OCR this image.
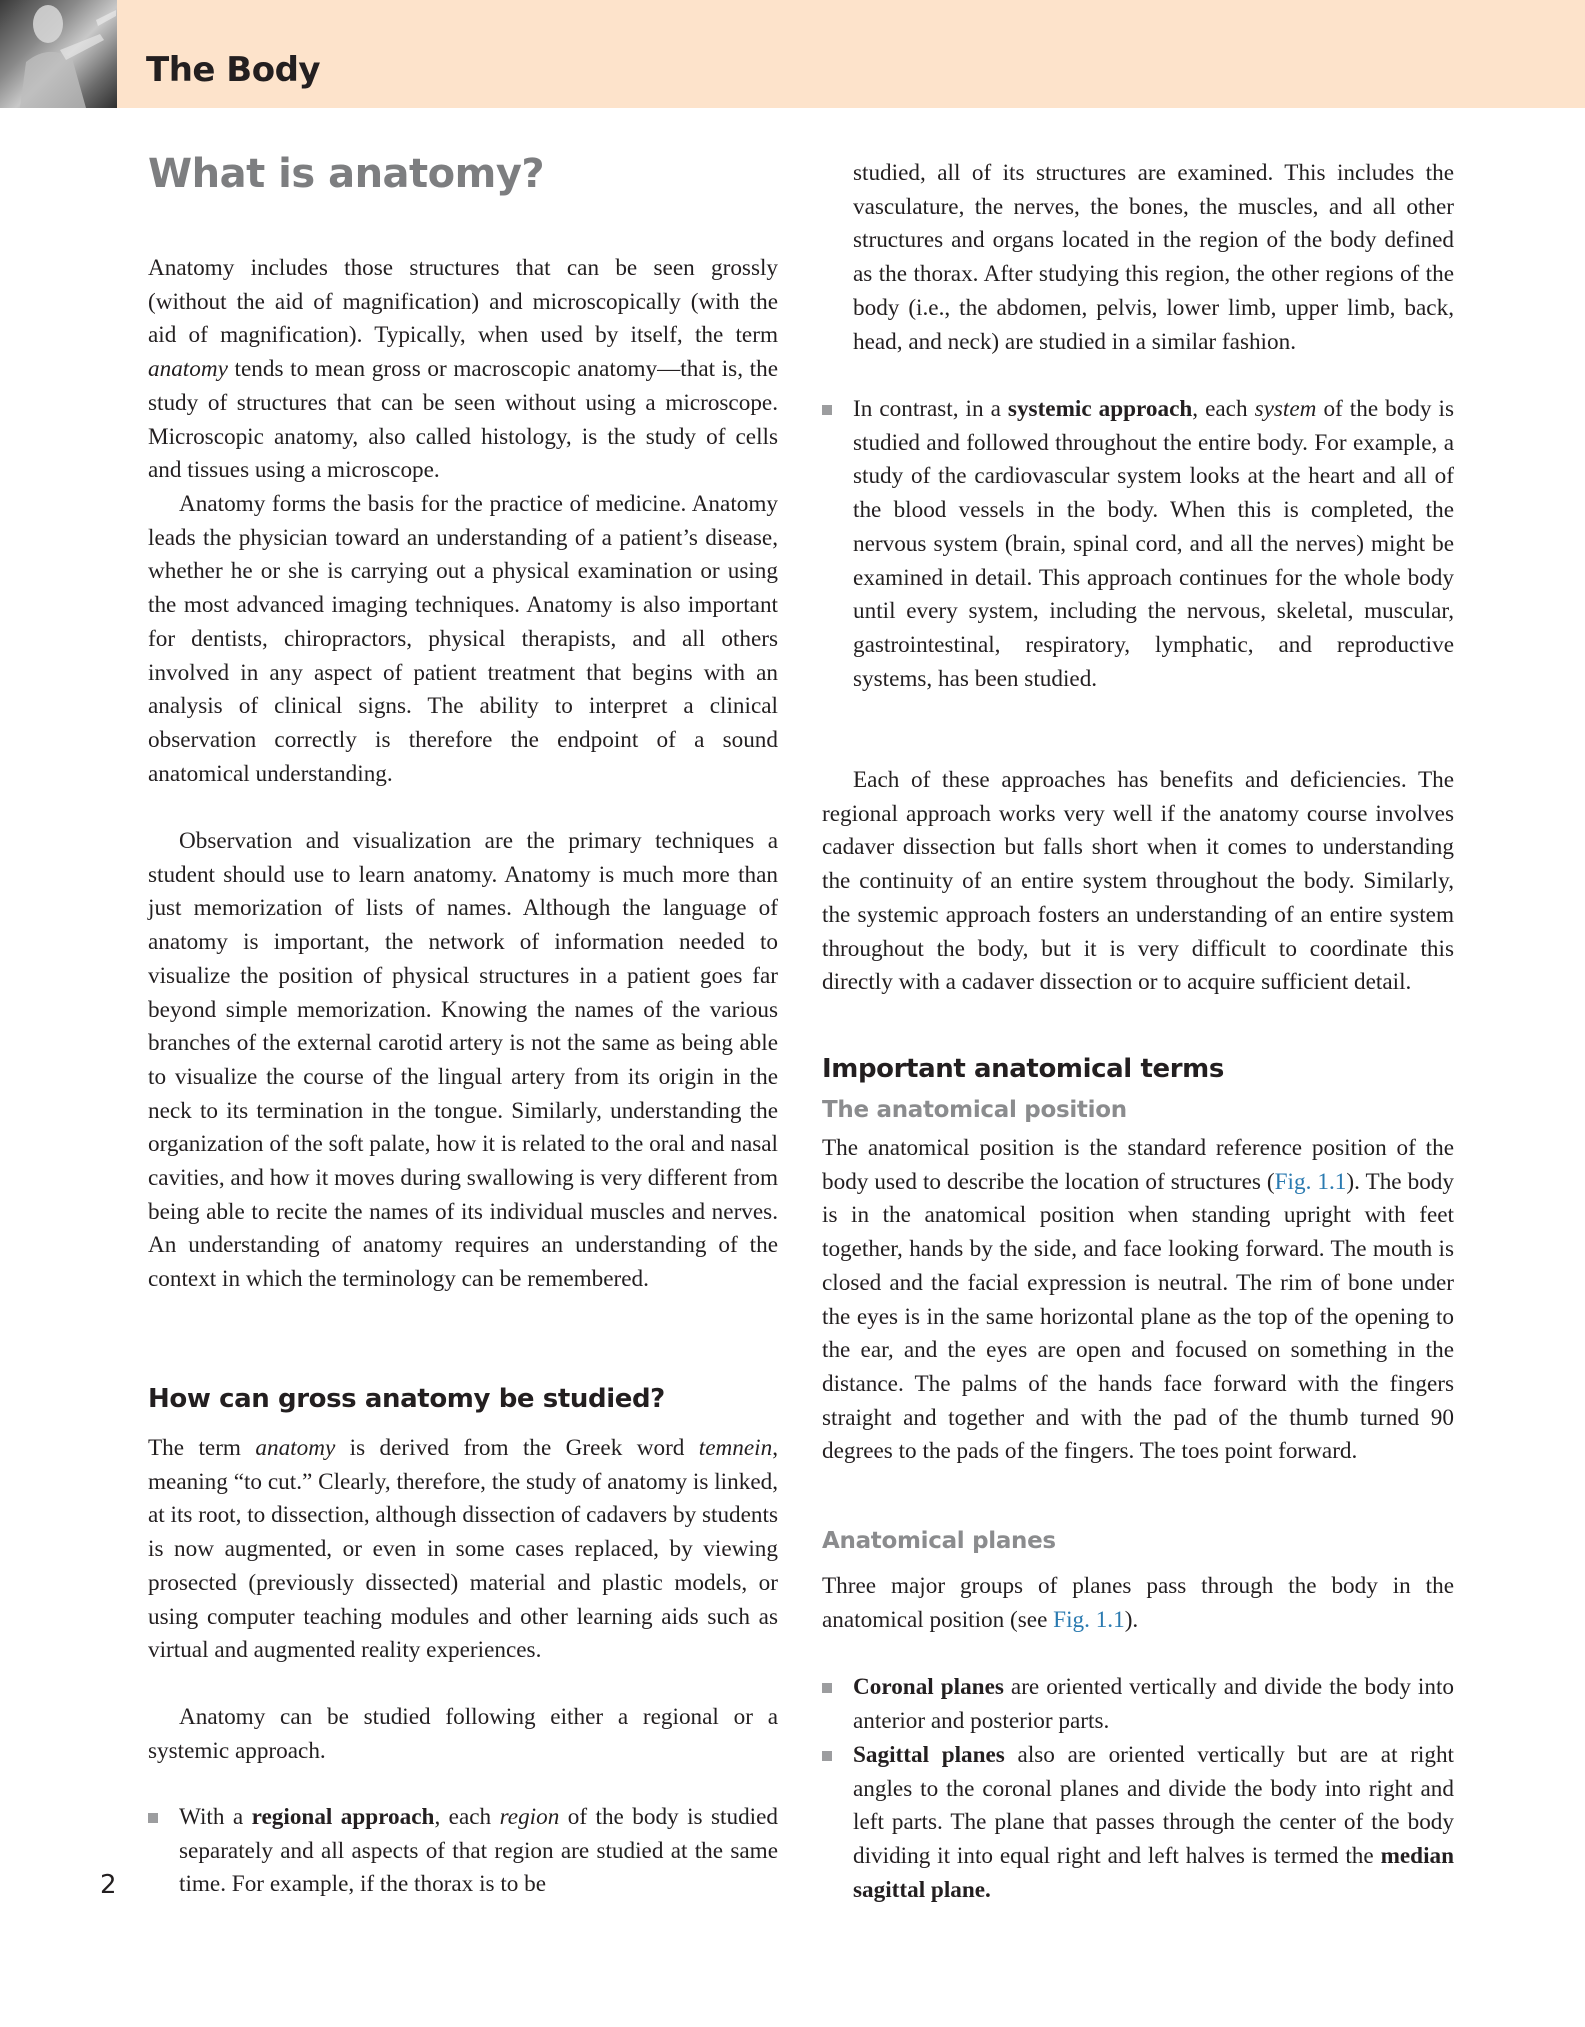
The Body
What is anatomy?

Anatomy includes those structures that can be seen grossly (without the aid of magnification) and microscopically (with the aid of magnification). Typically, when used by itself, the term anatomy tends to mean gross or macroscopic anatomy—that is, the study of structures that can be seen without using a microscope. Microscopic anatomy, also called histology, is the study of cells and tissues using a microscope.

Anatomy forms the basis for the practice of medicine. Anatomy leads the physician toward an understanding of a patient’s disease, whether he or she is carrying out a physical examination or using the most advanced imaging techniques. Anatomy is also important for dentists, chiropractors, physical therapists, and all others involved in any aspect of patient treatment that begins with an analysis of clinical signs. The ability to interpret a clinical observation correctly is therefore the endpoint of a sound anatomical understanding.

Observation and visualization are the primary techniques a student should use to learn anatomy. Anatomy is much more than just memorization of lists of names. Although the language of anatomy is important, the network of information needed to visualize the position of physical structures in a patient goes far beyond simple memorization. Knowing the names of the various branches of the external carotid artery is not the same as being able to visualize the course of the lingual artery from its origin in the neck to its termination in the tongue. Similarly, understanding the organization of the soft palate, how it is related to the oral and nasal cavities, and how it moves during swallowing is very different from being able to recite the names of its individual muscles and nerves. An understanding of anatomy requires an understanding of the context in which the terminology can be remembered.

How can gross anatomy be studied?

The term anatomy is derived from the Greek word temnein, meaning “to cut.” Clearly, therefore, the study of anatomy is linked, at its root, to dissection, although dissection of cadavers by students is now augmented, or even in some cases replaced, by viewing prosected (previously dissected) material and plastic models, or using computer teaching modules and other learning aids such as virtual and augmented reality experiences.

Anatomy can be studied following either a regional or a systemic approach.

With a regional approach, each region of the body is studied separately and all aspects of that region are studied at the same time. For example, if the thorax is to be

studied, all of its structures are examined. This includes the vasculature, the nerves, the bones, the muscles, and all other structures and organs located in the region of the body defined as the thorax. After studying this region, the other regions of the body (i.e., the abdomen, pelvis, lower limb, upper limb, back, head, and neck) are studied in a similar fashion.

In contrast, in a systemic approach, each system of the body is studied and followed throughout the entire body. For example, a study of the cardiovascular system looks at the heart and all of the blood vessels in the body. When this is completed, the nervous system (brain, spinal cord, and all the nerves) might be examined in detail. This approach continues for the whole body until every system, including the nervous, skeletal, muscular, gastrointestinal, respiratory, lymphatic, and reproductive systems, has been studied.

Each of these approaches has benefits and deficiencies. The regional approach works very well if the anatomy course involves cadaver dissection but falls short when it comes to understanding the continuity of an entire system throughout the body. Similarly, the systemic approach fosters an understanding of an entire system throughout the body, but it is very difficult to coordinate this directly with a cadaver dissection or to acquire sufficient detail.

Important anatomical terms
The anatomical position

The anatomical position is the standard reference position of the body used to describe the location of structures (Fig. 1.1). The body is in the anatomical position when standing upright with feet together, hands by the side, and face looking forward. The mouth is closed and the facial expression is neutral. The rim of bone under the eyes is in the same horizontal plane as the top of the opening to the ear, and the eyes are open and focused on something in the distance. The palms of the hands face forward with the fingers straight and together and with the pad of the thumb turned 90 degrees to the pads of the fingers. The toes point forward.

Anatomical planes

Three major groups of planes pass through the body in the anatomical position (see Fig. 1.1).

Coronal planes are oriented vertically and divide the body into anterior and posterior parts.
Sagittal planes also are oriented vertically but are at right angles to the coronal planes and divide the body into right and left parts. The plane that passes through the center of the body dividing it into equal right and left halves is termed the median sagittal plane.
2
